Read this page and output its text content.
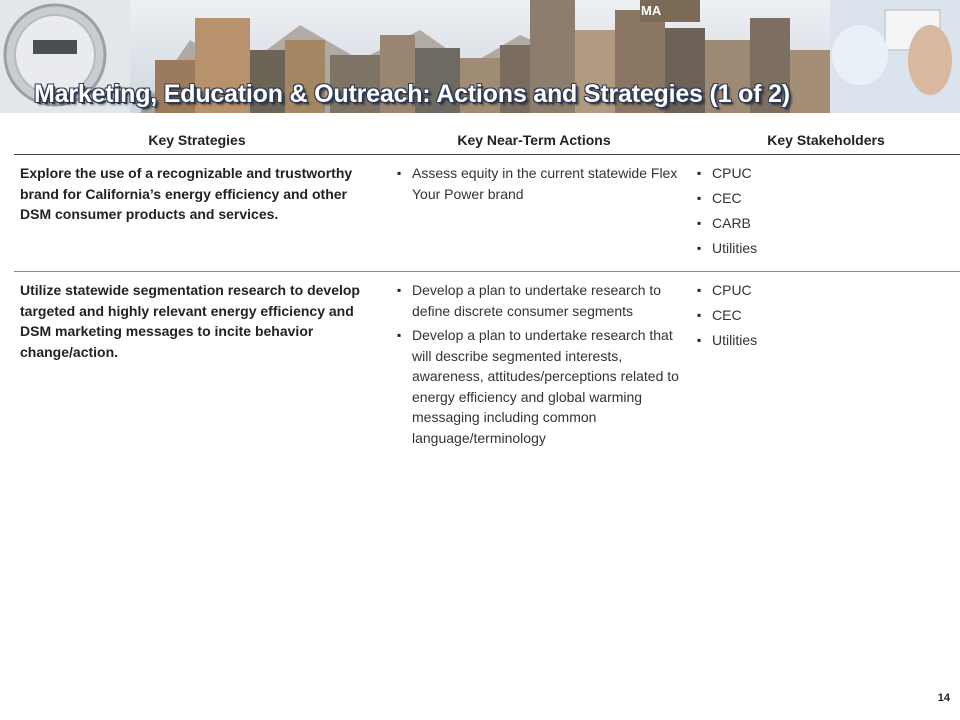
MA
Marketing, Education & Outreach: Actions and Strategies (1 of 2)
Key Strategies	Key Near-Term Actions	Key Stakeholders
Explore the use of a recognizable and trustworthy brand for California’s energy efficiency and other DSM consumer products and services.
▪ Assess equity in the current statewide Flex Your Power brand
▪ CPUC
▪ CEC
▪ CARB
▪ Utilities
Utilize statewide segmentation research to develop targeted and highly relevant energy efficiency and DSM marketing messages to incite behavior change/action.
▪ Develop a plan to undertake research to define discrete consumer segments
▪ Develop a plan to undertake research that will describe segmented interests, awareness, attitudes/perceptions related to energy efficiency and global warming messaging including common language/terminology
▪ CPUC
▪ CEC
▪ Utilities
14
